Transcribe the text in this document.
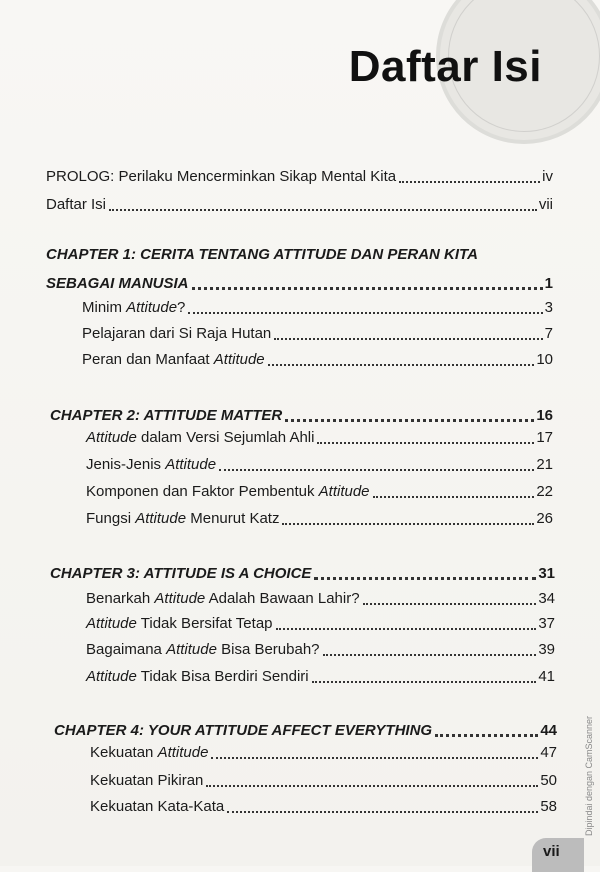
Daftar Isi
PROLOG: Perilaku Mencerminkan Sikap Mental Kita	iv
Daftar Isi	vii
CHAPTER 1: CERITA TENTANG ATTITUDE DAN PERAN KITA
SEBAGAI MANUSIA	1
Minim Attitude?	3
Pelajaran dari Si Raja Hutan	7
Peran dan Manfaat Attitude	10
CHAPTER 2: ATTITUDE MATTER	16
Attitude dalam Versi Sejumlah Ahli	17
Jenis-Jenis Attitude	21
Komponen dan Faktor Pembentuk Attitude	22
Fungsi Attitude Menurut Katz	26
CHAPTER 3: ATTITUDE IS A CHOICE	31
Benarkah Attitude Adalah Bawaan Lahir?	34
Attitude Tidak Bersifat Tetap	37
Bagaimana Attitude Bisa Berubah?	39
Attitude Tidak Bisa Berdiri Sendiri	41
CHAPTER 4: YOUR ATTITUDE AFFECT EVERYTHING	44
Kekuatan Attitude	47
Kekuatan Pikiran	50
Kekuatan Kata-Kata	58
vii
Dipindai dengan CamScanner
